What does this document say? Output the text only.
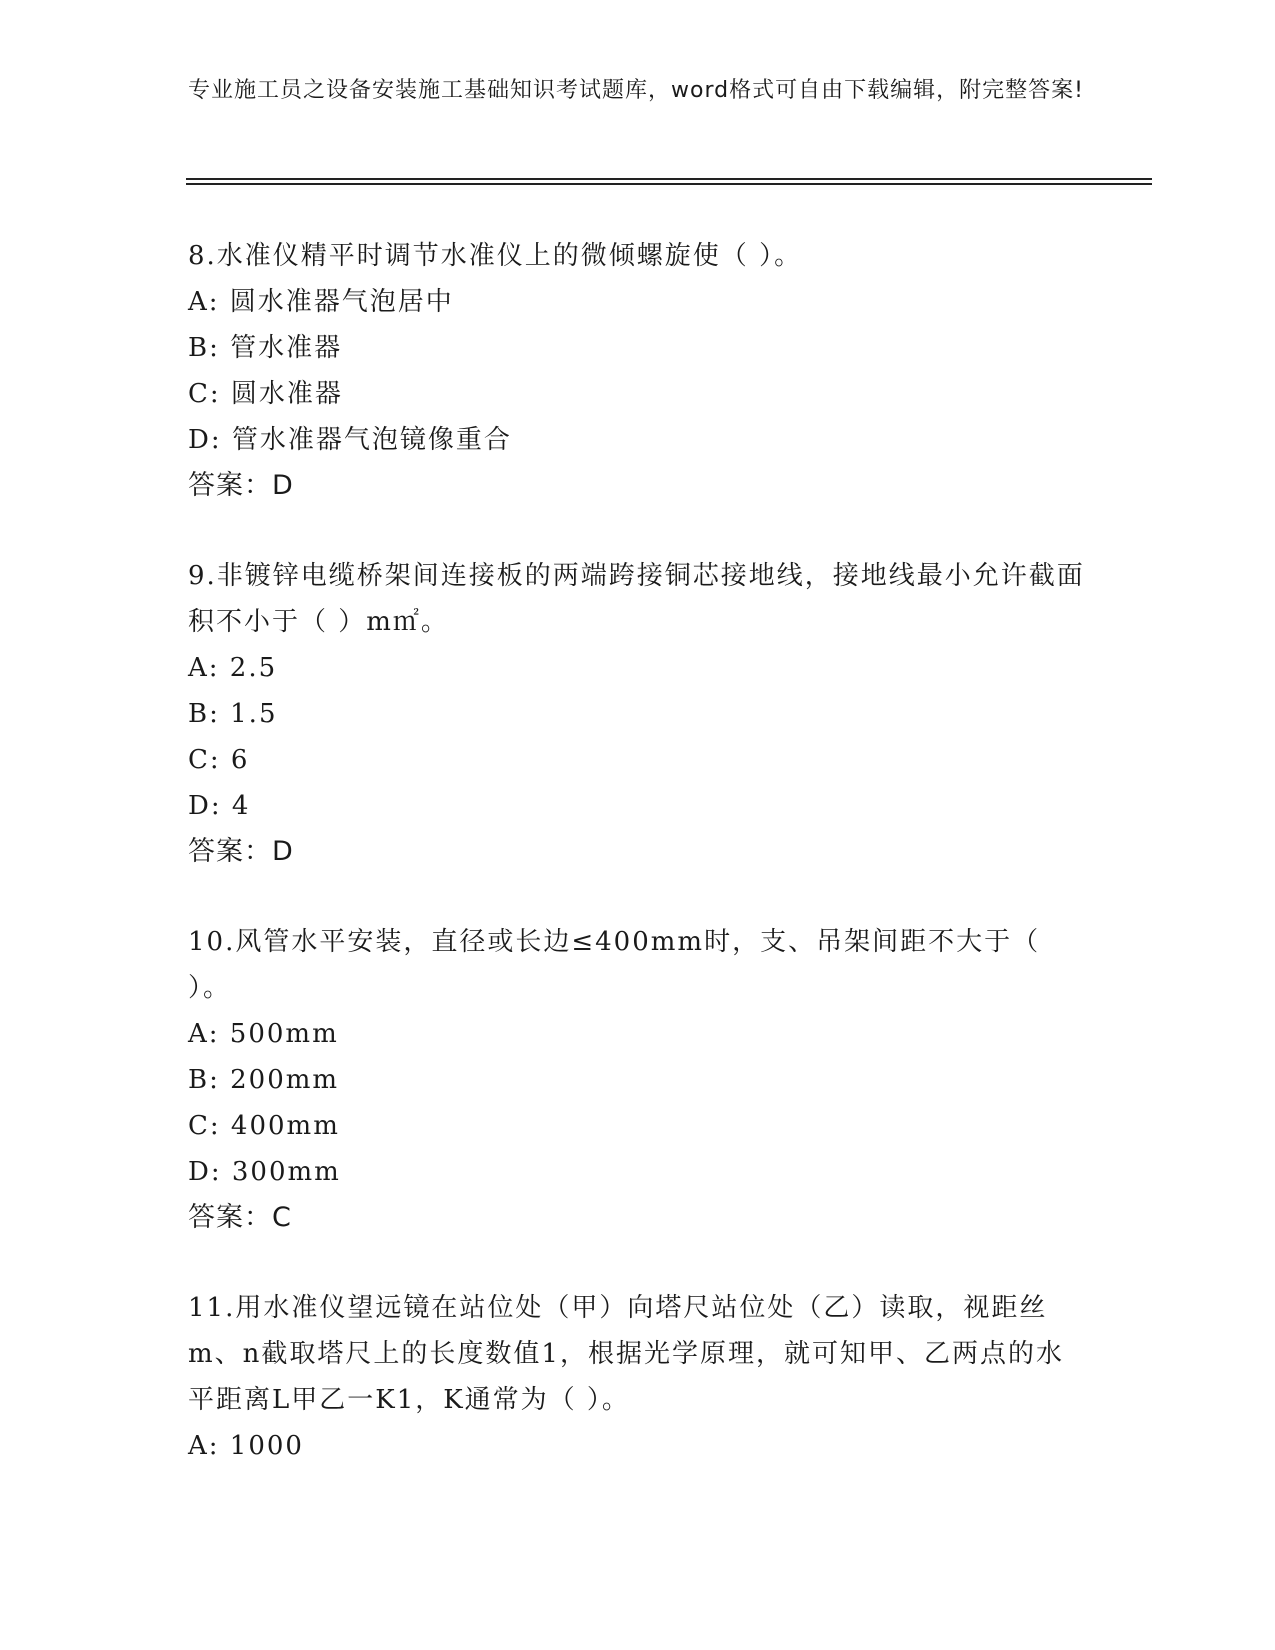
专业施工员之设备安装施工基础知识考试题库，word格式可自由下载编辑，附完整答案!

8.水准仪精平时调节水准仪上的微倾螺旋使（ ）。

A: 圆水准器气泡居中

B: 管水准器

C: 圆水准器

D: 管水准器气泡镜像重合

答案：D

9.非镀锌电缆桥架间连接板的两端跨接铜芯接地线，接地线最小允许截面积不小于（ ）m㎡。

A: 2.5

B: 1.5

C: 6

D: 4

答案：D

10.风管水平安装，直径或长边≤400mm时，支、吊架间距不大于（ ）。

A: 500mm

B: 200mm

C: 400mm

D: 300mm

答案：C

11.用水准仪望远镜在站位处（甲）向塔尺站位处（乙）读取，视距丝m、n截取塔尺上的长度数值1，根据光学原理，就可知甲、乙两点的水平距离L甲乙一K1，K通常为（ ）。

A: 1000
